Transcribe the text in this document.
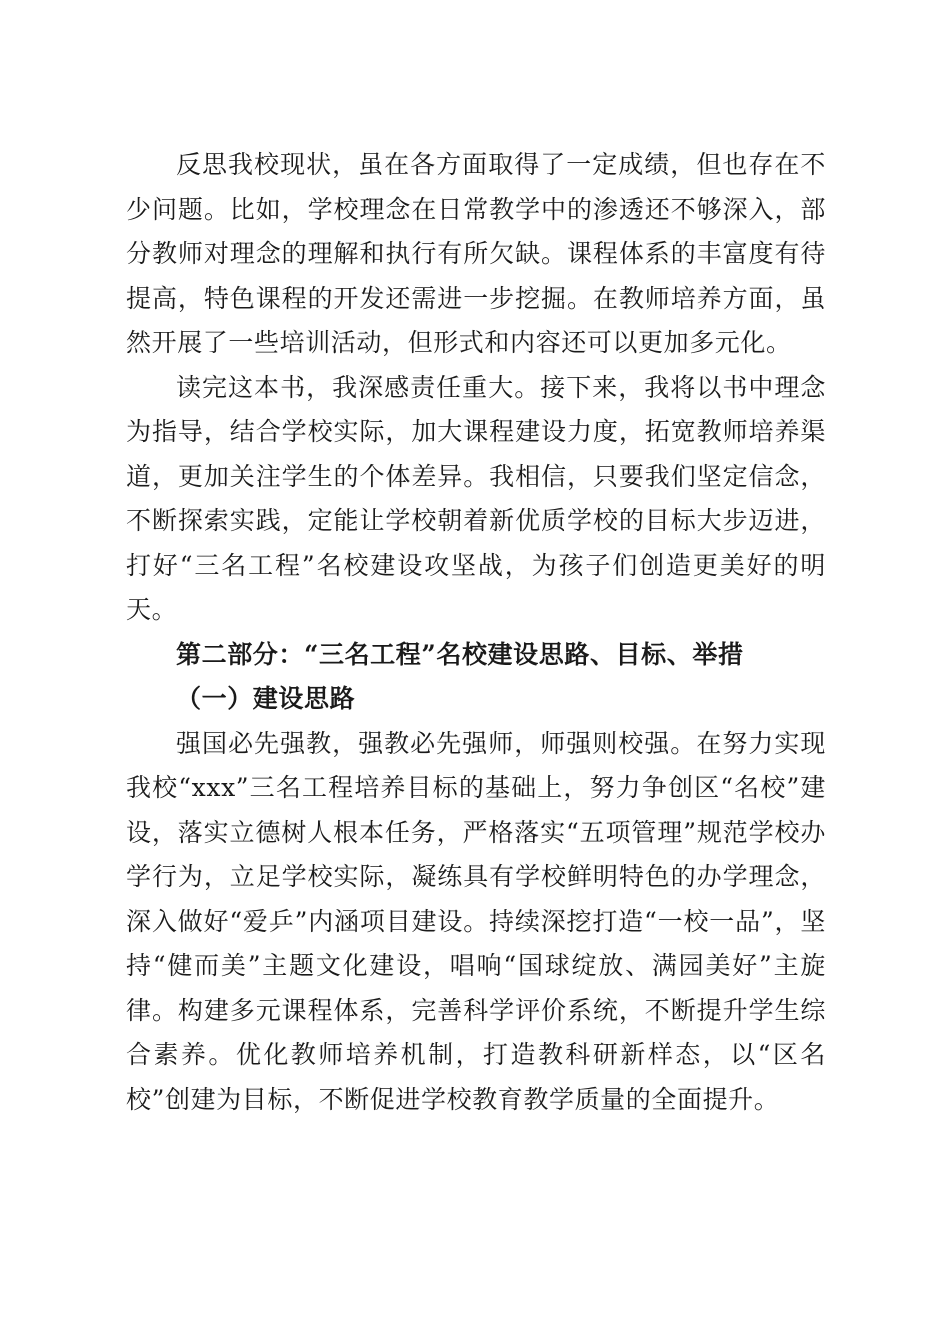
反思我校现状，虽在各方面取得了一定成绩，但也存在不少问题。比如，学校理念在日常教学中的渗透还不够深入，部分教师对理念的理解和执行有所欠缺。课程体系的丰富度有待提高，特色课程的开发还需进一步挖掘。在教师培养方面，虽然开展了一些培训活动，但形式和内容还可以更加多元化。

读完这本书，我深感责任重大。接下来，我将以书中理念为指导，结合学校实际，加大课程建设力度，拓宽教师培养渠道，更加关注学生的个体差异。我相信，只要我们坚定信念，不断探索实践，定能让学校朝着新优质学校的目标大步迈进，打好“三名工程”名校建设攻坚战，为孩子们创造更美好的明天。

第二部分：“三名工程”名校建设思路、目标、举措
（一）建设思路

强国必先强教，强教必先强师，师强则校强。在努力实现我校“xxx”三名工程培养目标的基础上，努力争创区“名校”建设，落实立德树人根本任务，严格落实“五项管理”规范学校办学行为，立足学校实际，凝练具有学校鲜明特色的办学理念，深入做好“爱乒”内涵项目建设。持续深挖打造“一校一品”，坚持“健而美”主题文化建设，唱响“国球绽放、满园美好”主旋律。构建多元课程体系，完善科学评价系统，不断提升学生综合素养。优化教师培养机制，打造教科研新样态，以“区名校”创建为目标，不断促进学校教育教学质量的全面提升。
